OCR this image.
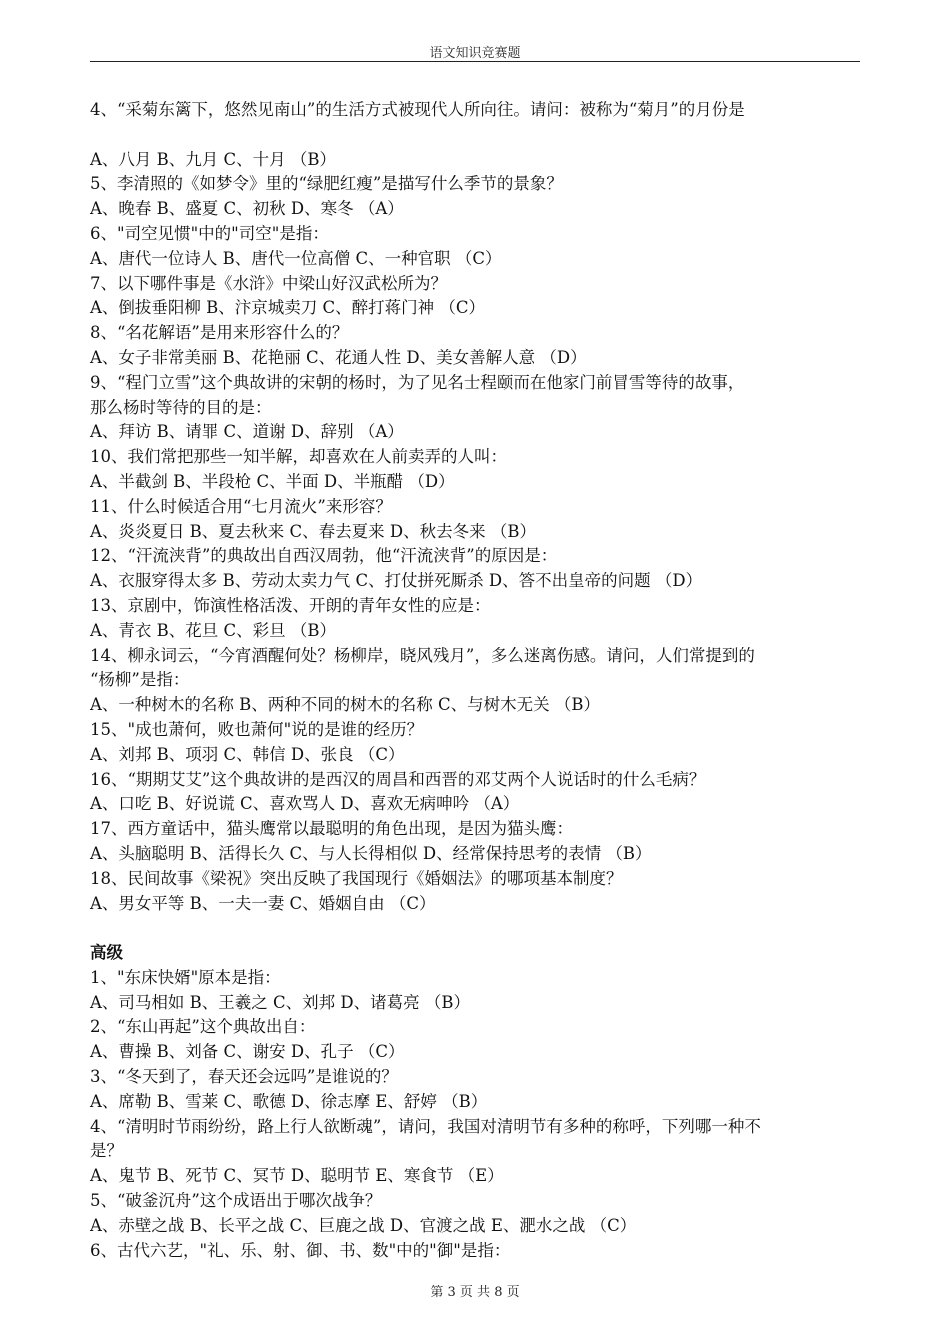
语文知识竞赛题
4、“采菊东篱下，悠然见南山”的生活方式被现代人所向往。请问：被称为“菊月”的月份是
A、八月 B、九月 C、十月 （B）
5、李清照的《如梦令》里的“绿肥红瘦”是描写什么季节的景象？
A、晚春 B、盛夏 C、初秋 D、寒冬 （A）
6、"司空见惯"中的"司空"是指：
A、唐代一位诗人 B、唐代一位高僧 C、一种官职 （C）
7、以下哪件事是《水浒》中梁山好汉武松所为？
A、倒拔垂阳柳 B、汴京城卖刀 C、醉打蒋门神 （C）
8、“名花解语”是用来形容什么的？
A、女子非常美丽 B、花艳丽 C、花通人性 D、美女善解人意 （D）
9、“程门立雪”这个典故讲的宋朝的杨时，为了见名士程颐而在他家门前冒雪等待的故事，
那么杨时等待的目的是：
A、拜访 B、请罪 C、道谢 D、辞别 （A）
10、我们常把那些一知半解，却喜欢在人前卖弄的人叫：
A、半截剑 B、半段枪 C、半面 D、半瓶醋 （D）
11、什么时候适合用“七月流火”来形容？
A、炎炎夏日 B、夏去秋来 C、春去夏来 D、秋去冬来 （B）
12、“汗流浃背”的典故出自西汉周勃，他“汗流浃背”的原因是：
A、衣服穿得太多 B、劳动太卖力气 C、打仗拼死厮杀 D、答不出皇帝的问题 （D）
13、京剧中，饰演性格活泼、开朗的青年女性的应是：
A、青衣 B、花旦 C、彩旦 （B）
14、柳永词云，“今宵酒醒何处？杨柳岸，晓风残月”，多么迷离伤感。请问，人们常提到的
“杨柳”是指：
A、一种树木的名称 B、两种不同的树木的名称 C、与树木无关 （B）
15、"成也萧何，败也萧何"说的是谁的经历？
A、刘邦 B、项羽 C、韩信 D、张良 （C）
16、“期期艾艾”这个典故讲的是西汉的周昌和西晋的邓艾两个人说话时的什么毛病？
A、口吃 B、好说谎 C、喜欢骂人 D、喜欢无病呻吟 （A）
17、西方童话中，猫头鹰常以最聪明的角色出现，是因为猫头鹰：
A、头脑聪明 B、活得长久 C、与人长得相似 D、经常保持思考的表情 （B）
18、民间故事《梁祝》突出反映了我国现行《婚姻法》的哪项基本制度？
A、男女平等 B、一夫一妻 C、婚姻自由 （C）
高级
1、"东床快婿"原本是指：
A、司马相如 B、王羲之 C、刘邦 D、诸葛亮 （B）
2、“东山再起”这个典故出自：
A、曹操 B、刘备 C、谢安 D、孔子 （C）
3、“冬天到了，春天还会远吗”是谁说的？
A、席勒 B、雪莱 C、歌德 D、徐志摩 E、舒婷 （B）
4、“清明时节雨纷纷，路上行人欲断魂”，请问，我国对清明节有多种的称呼，下列哪一种不
是？
A、鬼节 B、死节 C、冥节 D、聪明节 E、寒食节 （E）
5、“破釜沉舟”这个成语出于哪次战争？
A、赤壁之战 B、长平之战 C、巨鹿之战 D、官渡之战 E、淝水之战 （C）
6、古代六艺，"礼、乐、射、御、书、数"中的"御"是指：
第 3 页 共 8 页
